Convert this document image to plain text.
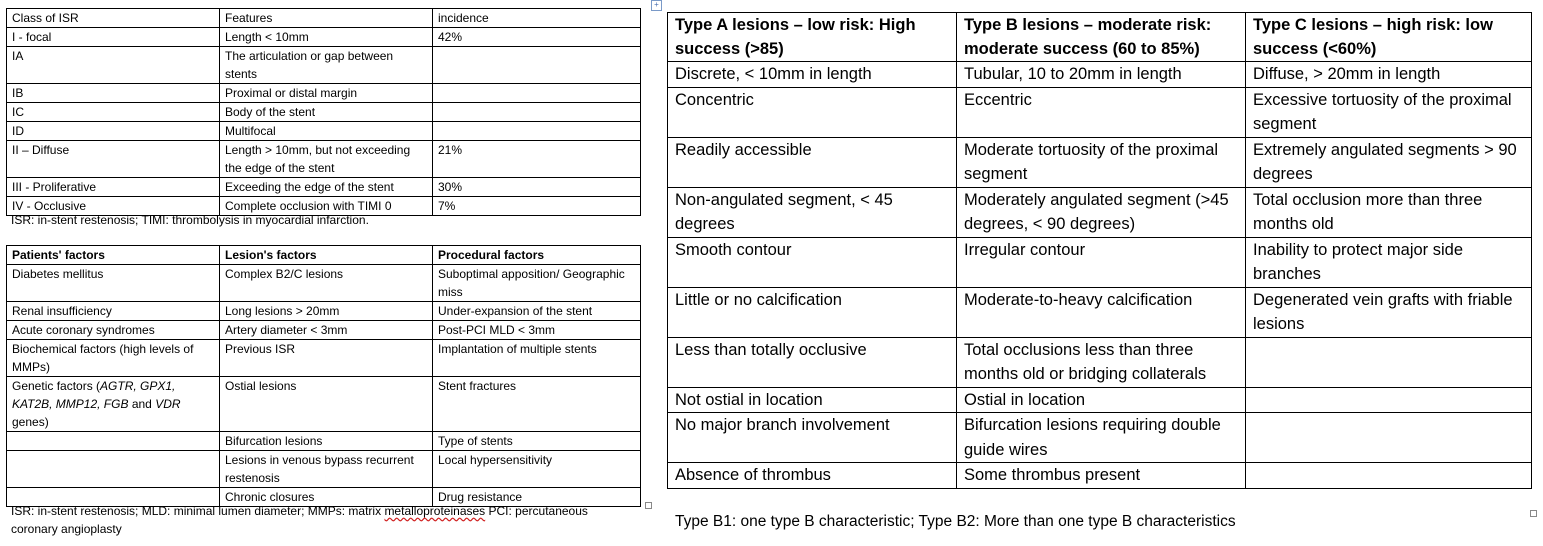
Class of ISR	Features	incidence
I - focal	Length < 10mm	42%
IA	The articulation or gap between stents	
IB	Proximal or distal margin	
IC	Body of the stent	
ID	Multifocal	
II – Diffuse	Length > 10mm, but not exceeding the edge of the stent	21%
III - Proliferative	Exceeding the edge of the stent	30%
IV - Occlusive	Complete occlusion with TIMI 0	7%
ISR: in-stent restenosis; TIMI: thrombolysis in myocardial infarction.
Patients' factors	Lesion's factors	Procedural factors
Diabetes mellitus	Complex B2/C lesions	Suboptimal apposition/ Geographic miss
Renal insufficiency	Long lesions > 20mm	Under-expansion of the stent
Acute coronary syndromes	Artery diameter < 3mm	Post-PCI MLD < 3mm
Biochemical factors (high levels of MMPs)	Previous ISR	Implantation of multiple stents
Genetic factors (AGTR, GPX1, KAT2B, MMP12, FGB and VDR genes)	Ostial lesions	Stent fractures
	Bifurcation lesions	Type of stents
	Lesions in venous bypass recurrent restenosis	Local hypersensitivity
	Chronic closures	Drug resistance
ISR: in-stent restenosis; MLD: minimal lumen diameter; MMPs: matrix metalloproteinases PCI: percutaneous coronary angioplasty
+
Type A lesions – low risk: High success (>85)	Type B lesions – moderate risk: moderate success (60 to 85%)	Type C lesions – high risk: low success (<60%)
Discrete, < 10mm in length	Tubular, 10 to 20mm in length	Diffuse, > 20mm in length
Concentric	Eccentric	Excessive tortuosity of the proximal segment
Readily accessible	Moderate tortuosity of the proximal segment	Extremely angulated segments > 90 degrees
Non-angulated segment, < 45 degrees	Moderately angulated segment (>45 degrees, < 90 degrees)	Total occlusion more than three months old
Smooth contour	Irregular contour	Inability to protect major side branches
Little or no calcification	Moderate-to-heavy calcification	Degenerated vein grafts with friable lesions
Less than totally occlusive	Total occlusions less than three months old or bridging collaterals	
Not ostial in location	Ostial in location	
No major branch involvement	Bifurcation lesions requiring double guide wires	
Absence of thrombus	Some thrombus present	
Type B1: one type B characteristic; Type B2: More than one type B characteristics
